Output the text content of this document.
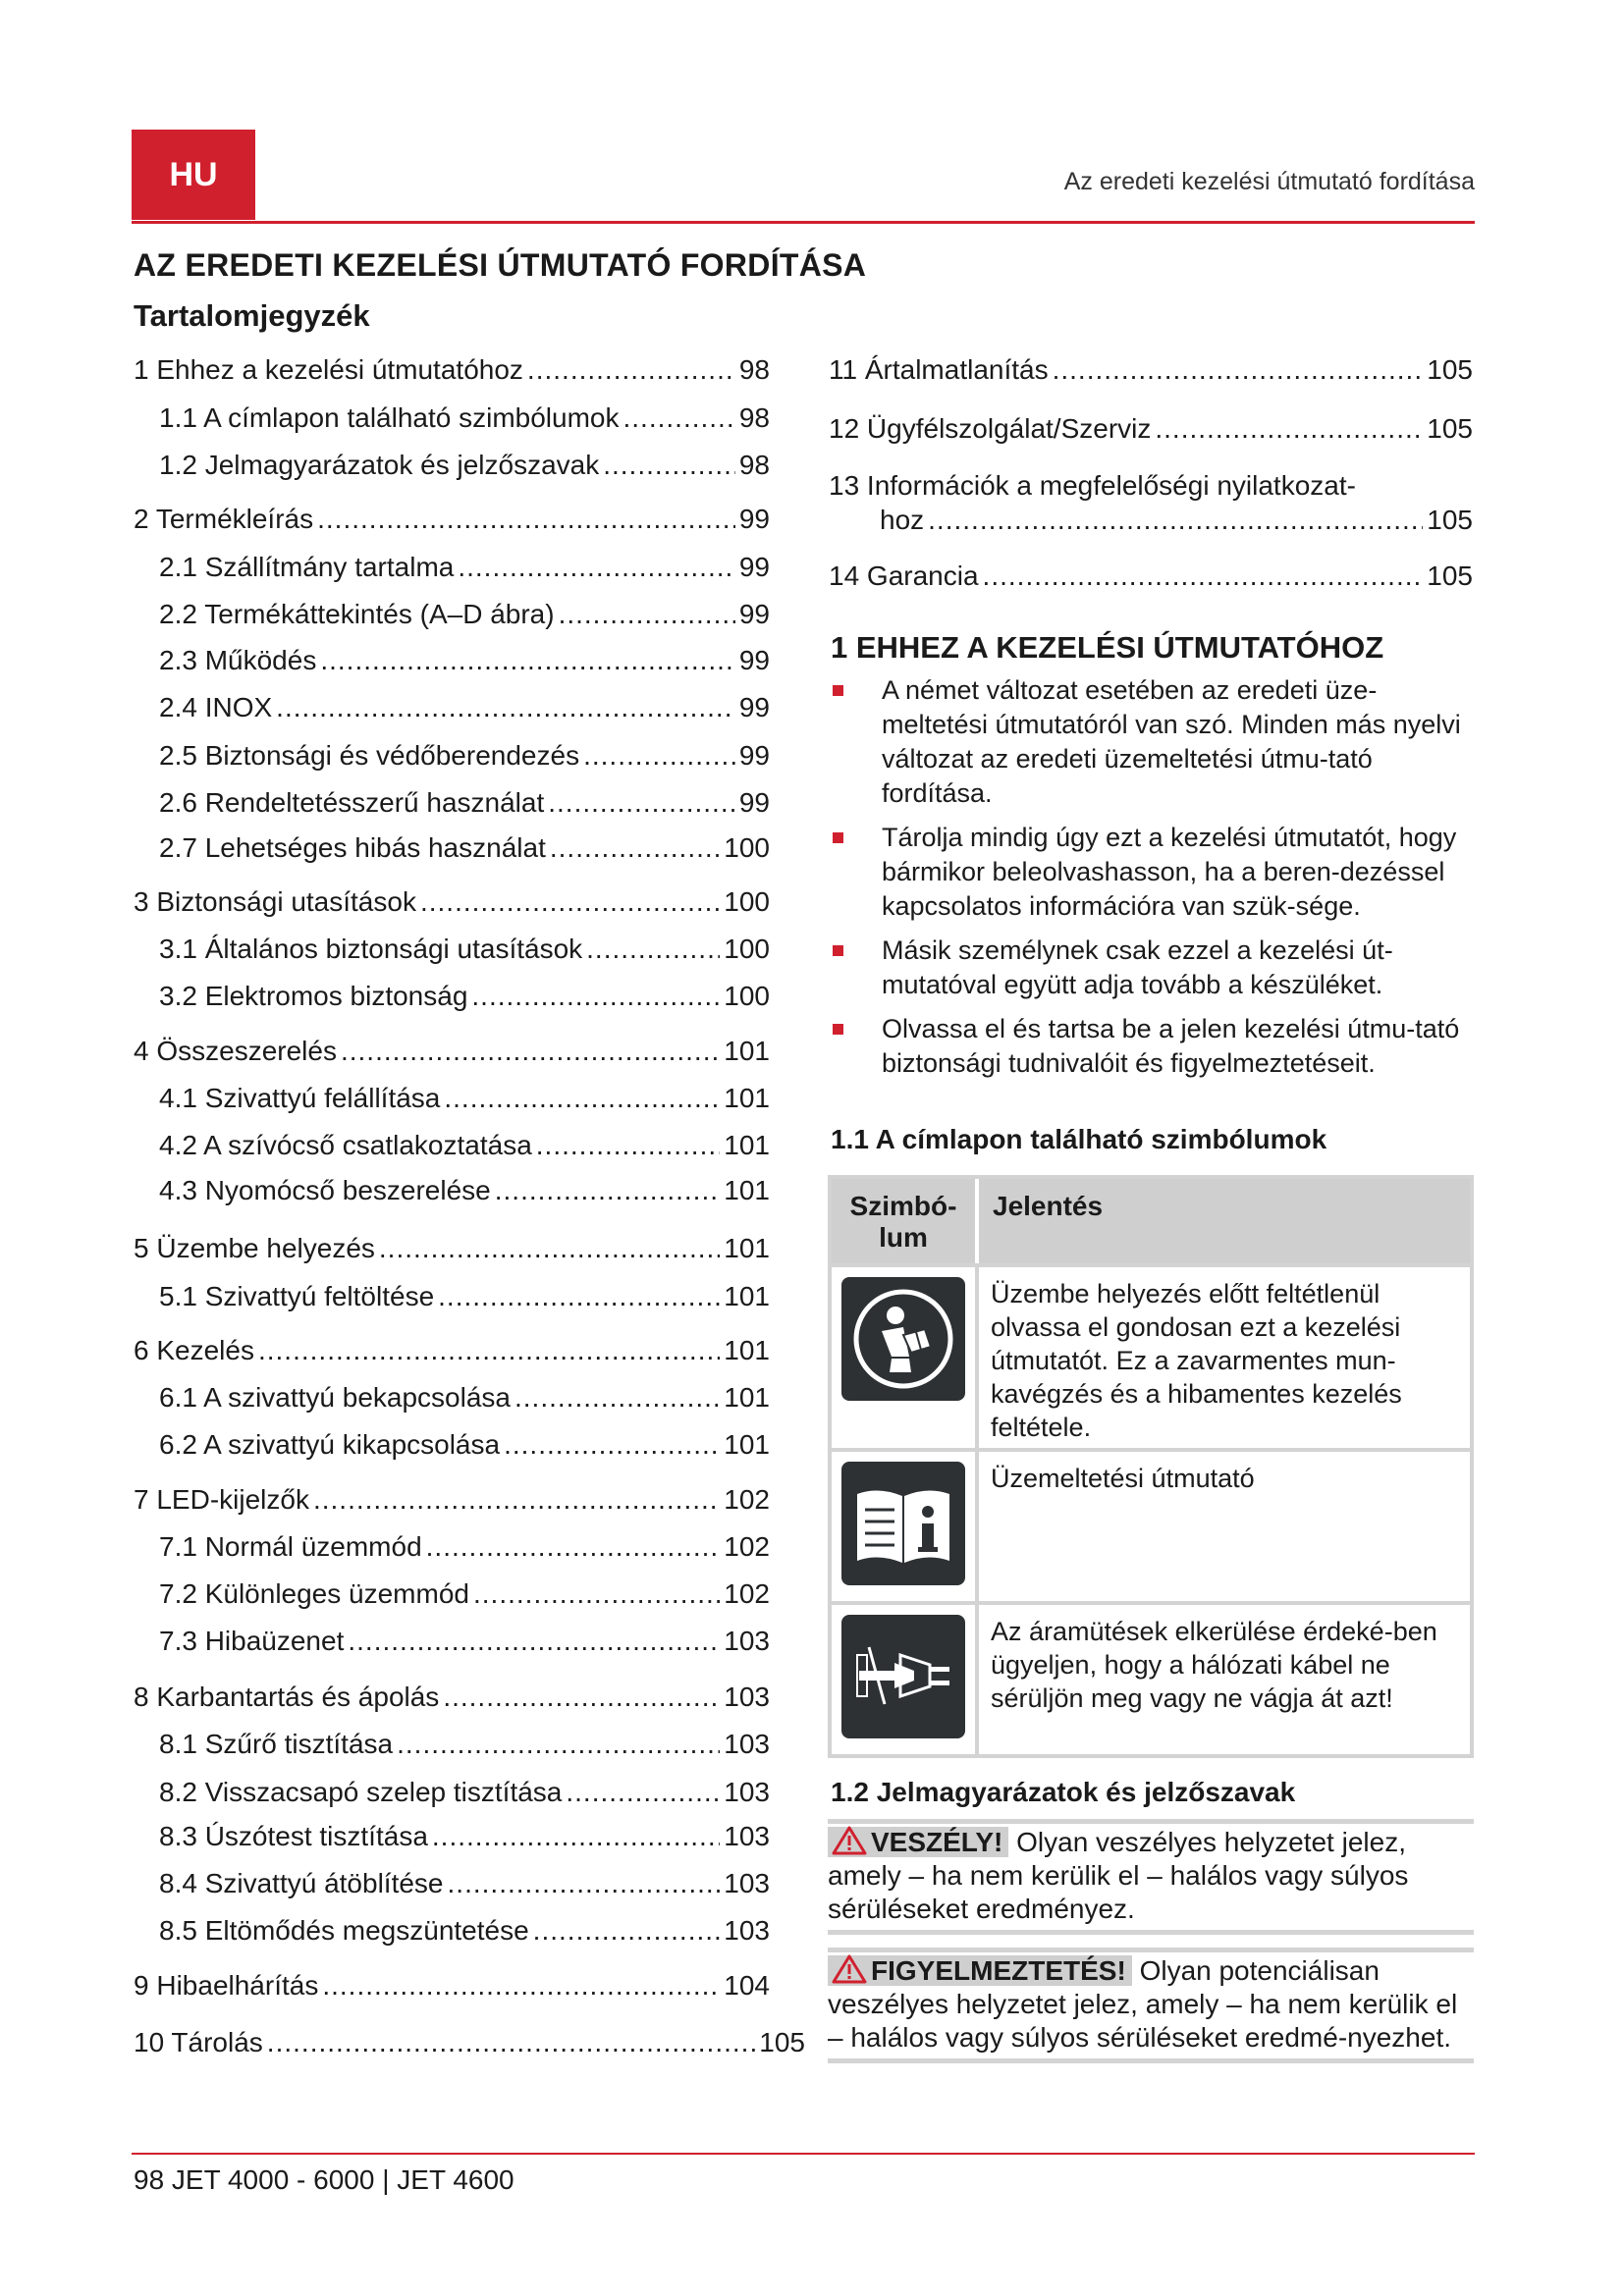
HU	Az eredeti kezelési útmutató fordítása
AZ EREDETI KEZELÉSI ÚTMUTATÓ FORDÍTÁSA
Tartalomjegyzék
1 Ehhez a kezelési útmutatóhoz .....	98
1.1 A címlapon található szimbólumok .....	98
1.2 Jelmagyarázatok és jelzőszavak .....	98
2 Termékleírás .....	99
2.1 Szállítmány tartalma .....	99
2.2 Termékáttekintés (A–D ábra) .....	99
2.3 Működés .....	99
2.4 INOX .....	99
2.5 Biztonsági és védőberendezés .....	99
2.6 Rendeltetésszerű használat .....	99
2.7 Lehetséges hibás használat .....	100
3 Biztonsági utasítások .....	100
3.1 Általános biztonsági utasítások .....	100
3.2 Elektromos biztonság .....	100
4 Összeszerelés .....	101
4.1 Szivattyú felállítása .....	101
4.2 A szívócső csatlakoztatása .....	101
4.3 Nyomócső beszerelése .....	101
5 Üzembe helyezés .....	101
5.1 Szivattyú feltöltése .....	101
6 Kezelés .....	101
6.1 A szivattyú bekapcsolása .....	101
6.2 A szivattyú kikapcsolása .....	101
7 LED-kijelzők .....	102
7.1 Normál üzemmód .....	102
7.2 Különleges üzemmód .....	102
7.3 Hibaüzenet .....	103
8 Karbantartás és ápolás .....	103
8.1 Szűrő tisztítása .....	103
8.2 Visszacsapó szelep tisztítása .....	103
8.3 Úszótest tisztítása .....	103
8.4 Szivattyú átöblítése .....	103
8.5 Eltömődés megszüntetése .....	103
9 Hibaelhárítás .....	104
10 Tárolás .....	105
11 Ártalmatlanítás .....	105
12 Ügyfélszolgálat/Szerviz .....	105
13 Információk a megfelelőségi nyilatkozat-
hoz .....	105
14 Garancia .....	105
1 EHHEZ A KEZELÉSI ÚTMUTATÓHOZ
A német változat esetében az eredeti üze-meltetési útmutatóról van szó. Minden más nyelvi változat az eredeti üzemeltetési útmu-tató fordítása.
Tárolja mindig úgy ezt a kezelési útmutatót, hogy bármikor beleolvashasson, ha a beren-dezéssel kapcsolatos információra van szük-sége.
Másik személynek csak ezzel a kezelési út-mutatóval együtt adja tovább a készüléket.
Olvassa el és tartsa be a jelen kezelési útmu-tató biztonsági tudnivalóit és figyelmeztetéseit.
1.1 A címlapon található szimbólumok
Szimbó-lum
Jelentés
Üzembe helyezés előtt feltétlenül olvassa el gondosan ezt a kezelési útmutatót. Ez a zavarmentes mun-kavégzés és a hibamentes kezelés feltétele.
Üzemeltetési útmutató
Az áramütések elkerülése érdeké-ben ügyeljen, hogy a hálózati kábel ne sérüljön meg vagy ne vágja át azt!
1.2 Jelmagyarázatok és jelzőszavak
VESZÉLY! Olyan veszélyes helyzetet jelez, amely – ha nem kerülik el – halálos vagy súlyos sérüléseket eredményez.
FIGYELMEZTETÉS! Olyan potenciálisan veszélyes helyzetet jelez, amely – ha nem kerülik el – halálos vagy súlyos sérüléseket eredmé-nyezhet.
98 JET 4000 - 6000 | JET 4600
